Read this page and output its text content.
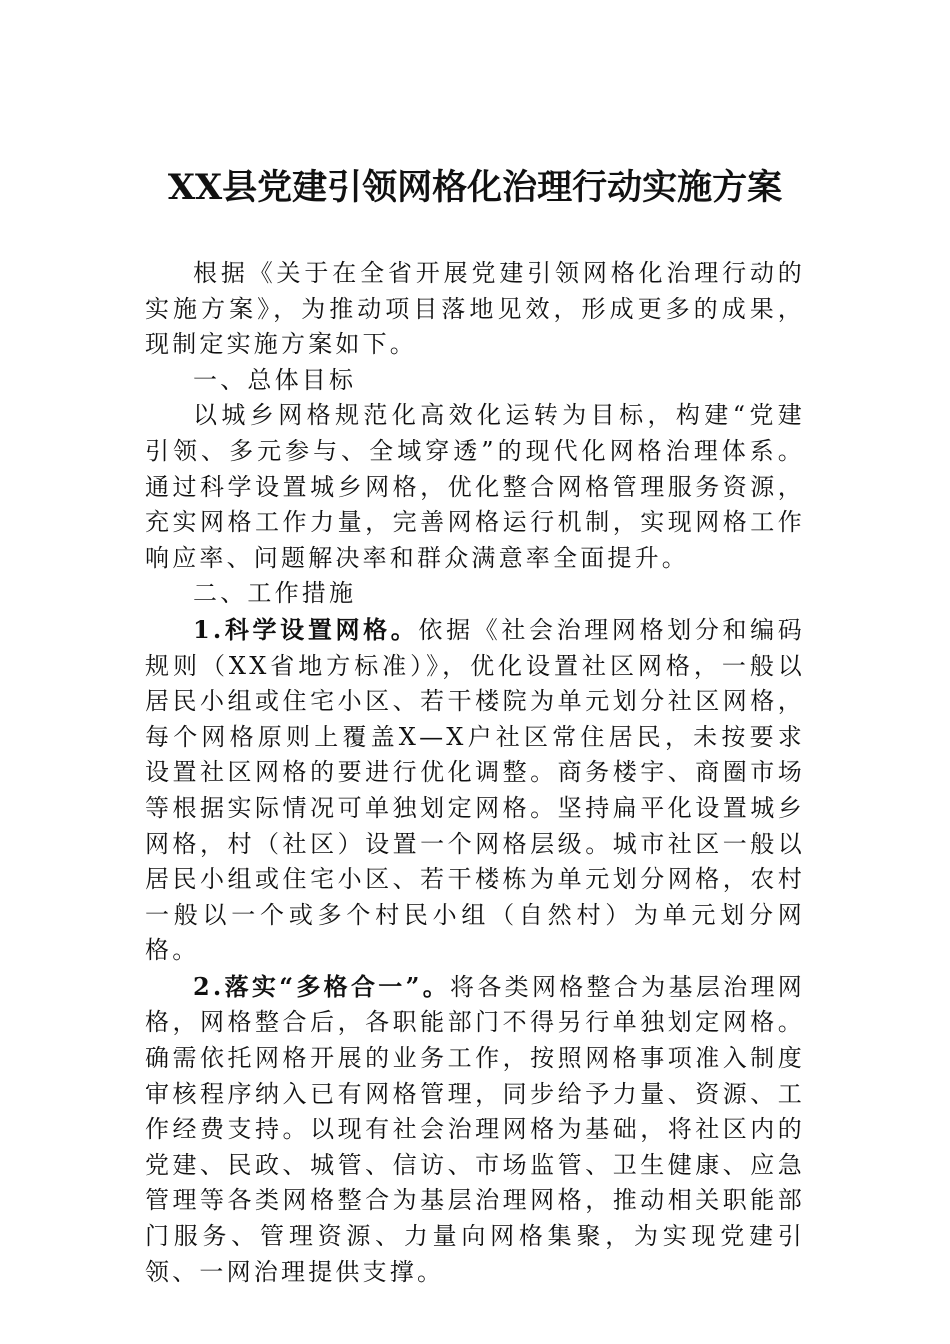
XX县党建引领网格化治理行动实施方案

根据《关于在全省开展党建引领网格化治理行动的实施方案》，为推动项目落地见效，形成更多的成果，现制定实施方案如下。

一、总体目标

以城乡网格规范化高效化运转为目标，构建“党建引领、多元参与、全域穿透”的现代化网格治理体系。通过科学设置城乡网格，优化整合网格管理服务资源，充实网格工作力量，完善网格运行机制，实现网格工作响应率、问题解决率和群众满意率全面提升。

二、工作措施

1.科学设置网格。依据《社会治理网格划分和编码规则（XX省地方标准）》，优化设置社区网格，一般以居民小组或住宅小区、若干楼院为单元划分社区网格，每个网格原则上覆盖X—X户社区常住居民，未按要求设置社区网格的要进行优化调整。商务楼宇、商圈市场等根据实际情况可单独划定网格。坚持扁平化设置城乡网格，村（社区）设置一个网格层级。城市社区一般以居民小组或住宅小区、若干楼栋为单元划分网格，农村一般以一个或多个村民小组（自然村）为单元划分网格。

2.落实“多格合一”。将各类网格整合为基层治理网格，网格整合后，各职能部门不得另行单独划定网格。确需依托网格开展的业务工作，按照网格事项准入制度审核程序纳入已有网格管理，同步给予力量、资源、工作经费支持。以现有社会治理网格为基础，将社区内的党建、民政、城管、信访、市场监管、卫生健康、应急管理等各类网格整合为基层治理网格，推动相关职能部门服务、管理资源、力量向网格集聚，为实现党建引领、一网治理提供支撑。
